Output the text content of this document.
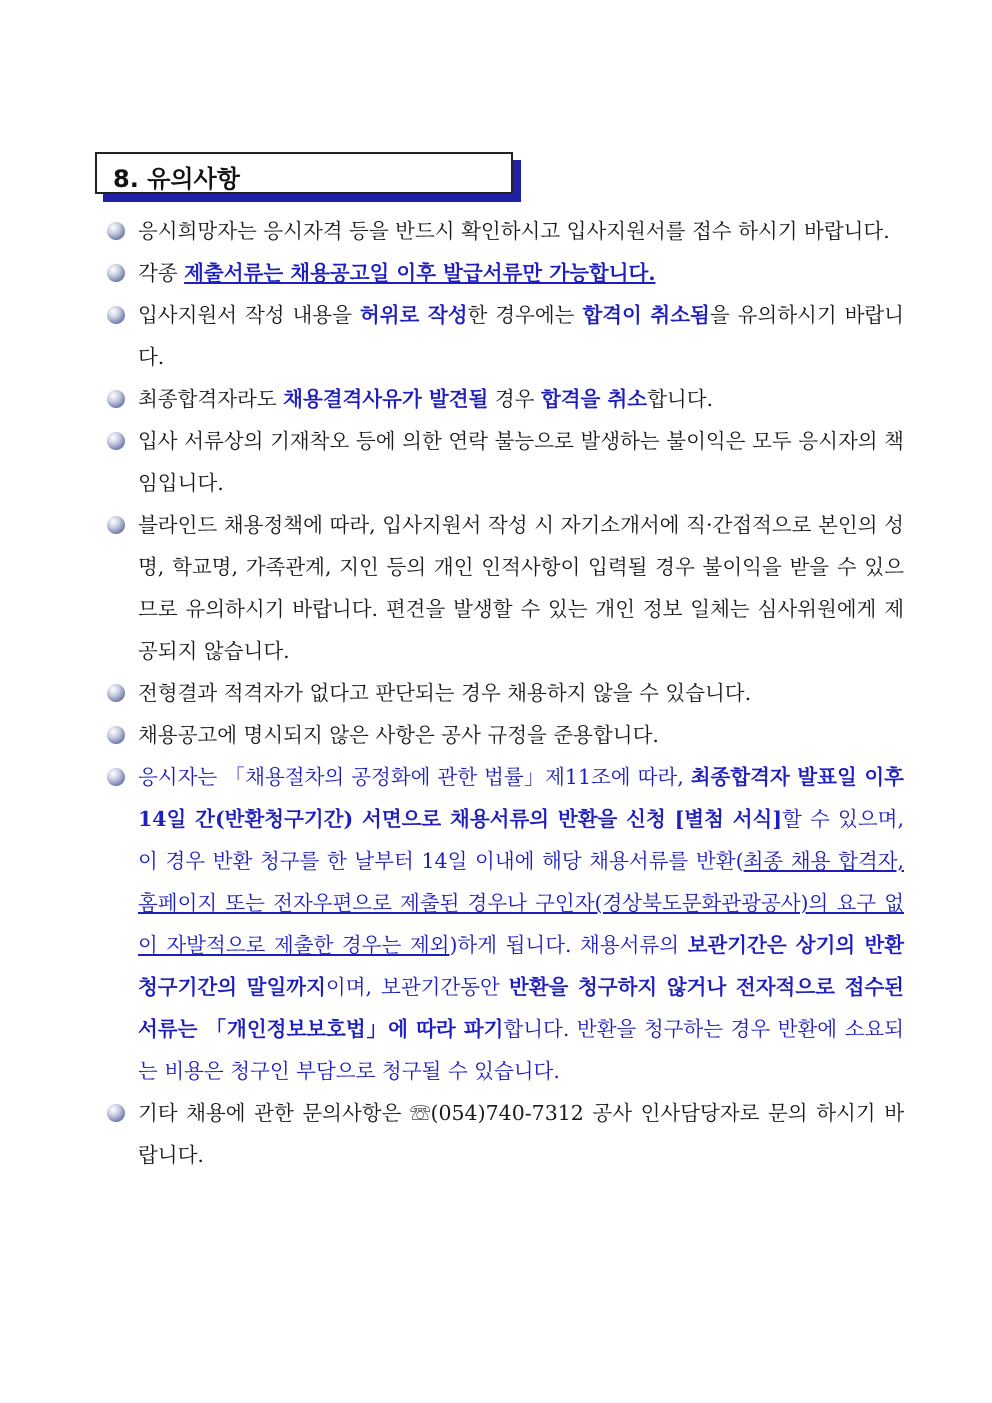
8. 유의사항
응시희망자는 응시자격 등을 반드시 확인하시고 입사지원서를 접수 하시기 바랍니다.
각종 제출서류는 채용공고일 이후 발급서류만 가능합니다.
입사지원서 작성 내용을 허위로 작성한 경우에는 합격이 취소됨을 유의하시기 바랍니다.
최종합격자라도 채용결격사유가 발견될 경우 합격을 취소합니다.
입사 서류상의 기재착오 등에 의한 연락 불능으로 발생하는 불이익은 모두 응시자의 책임입니다.
블라인드 채용정책에 따라, 입사지원서 작성 시 자기소개서에 직·간접적으로 본인의 성명, 학교명, 가족관계, 지인 등의 개인 인적사항이 입력될 경우 불이익을 받을 수 있으므로 유의하시기 바랍니다. 편견을 발생할 수 있는 개인 정보 일체는 심사위원에게 제공되지 않습니다.
전형결과 적격자가 없다고 판단되는 경우 채용하지 않을 수 있습니다.
채용공고에 명시되지 않은 사항은 공사 규정을 준용합니다.
응시자는 「채용절차의 공정화에 관한 법률」제11조에 따라, 최종합격자 발표일 이후 14일 간(반환청구기간) 서면으로 채용서류의 반환을 신청 [별첨 서식]할 수 있으며, 이 경우 반환 청구를 한 날부터 14일 이내에 해당 채용서류를 반환(최종 채용 합격자, 홈페이지 또는 전자우편으로 제출된 경우나 구인자(경상북도문화관광공사)의 요구 없이 자발적으로 제출한 경우는 제외)하게 됩니다. 채용서류의 보관기간은 상기의 반환 청구기간의 말일까지이며, 보관기간동안 반환을 청구하지 않거나 전자적으로 접수된 서류는 「개인정보보호법」에 따라 파기합니다. 반환을 청구하는 경우 반환에 소요되는 비용은 청구인 부담으로 청구될 수 있습니다.
기타 채용에 관한 문의사항은 ☏(054)740-7312 공사 인사담당자로 문의 하시기 바랍니다.
